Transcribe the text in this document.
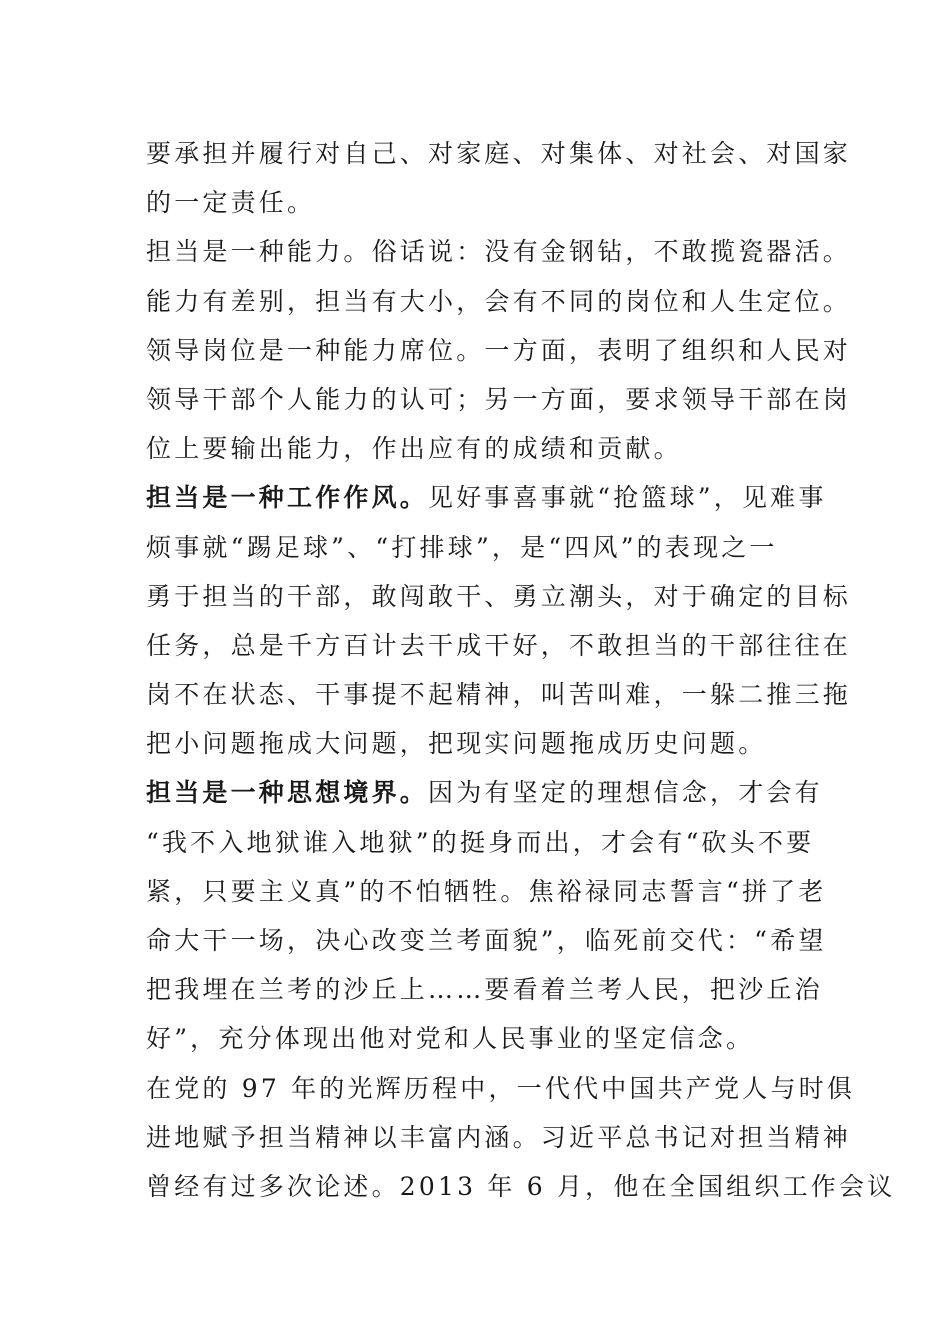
要承担并履行对自己、对家庭、对集体、对社会、对国家
的一定责任。
担当是一种能力。俗话说：没有金钢钻，不敢揽瓷器活。
能力有差别，担当有大小，会有不同的岗位和人生定位。
领导岗位是一种能力席位。一方面，表明了组织和人民对
领导干部个人能力的认可；另一方面，要求领导干部在岗
位上要输出能力，作出应有的成绩和贡献。
担当是一种工作作风。见好事喜事就“抢篮球”，见难事
烦事就“踢足球”、“打排球”，是“四风”的表现之一
勇于担当的干部，敢闯敢干、勇立潮头，对于确定的目标
任务，总是千方百计去干成干好，不敢担当的干部往往在
岗不在状态、干事提不起精神，叫苦叫难，一躲二推三拖
把小问题拖成大问题，把现实问题拖成历史问题。
担当是一种思想境界。因为有坚定的理想信念，才会有
“我不入地狱谁入地狱”的挺身而出，才会有“砍头不要
紧，只要主义真”的不怕牺牲。焦裕禄同志誓言“拼了老
命大干一场，决心改变兰考面貌”，临死前交代：“希望
把我埋在兰考的沙丘上……要看着兰考人民，把沙丘治
好”，充分体现出他对党和人民事业的坚定信念。
在党的 97 年的光辉历程中，一代代中国共产党人与时俱
进地赋予担当精神以丰富内涵。习近平总书记对担当精神
曾经有过多次论述。2013 年 6 月，他在全国组织工作会议
